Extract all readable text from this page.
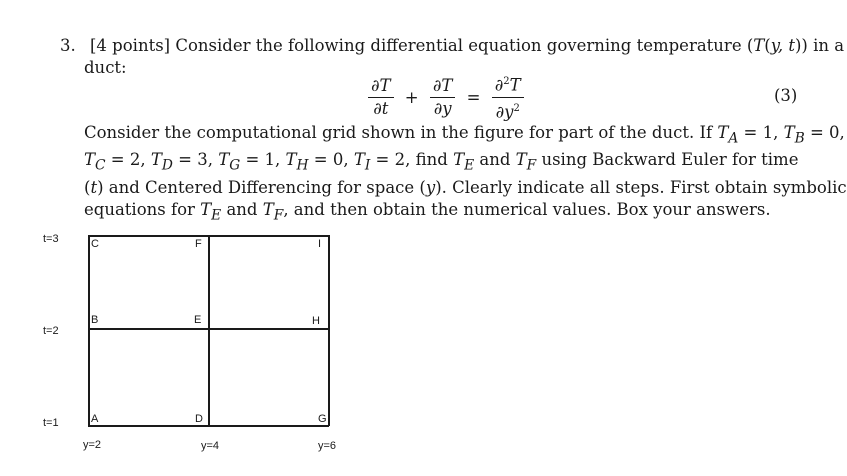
3. [4 points] Consider the following differential equation governing temperature (T(y, t)) in a
duct:
$\frac{\partial T}{\partial t} + \frac{\partial T}{\partial y} = \frac{\partial^2T}{\partial y^2}$	(3)
Consider the computational grid shown in the figure for part of the duct. If $T_A = 1$, $T_B = 0$,
$T_C = 2$, $T_D = 3$, $T_G = 1$, $T_H = 0$, $T_I = 2$, find $T_E$ and $T_F$ using Backward Euler for time
(t) and Centered Differencing for space (y). Clearly indicate all steps. First obtain symbolic
equations for $T_E$ and $T_F$, and then obtain the numerical values. Box your answers.
t=3
t=2
t=1
y=2	y=4	y=6
C	F	I
B	E	H
A	D	G
